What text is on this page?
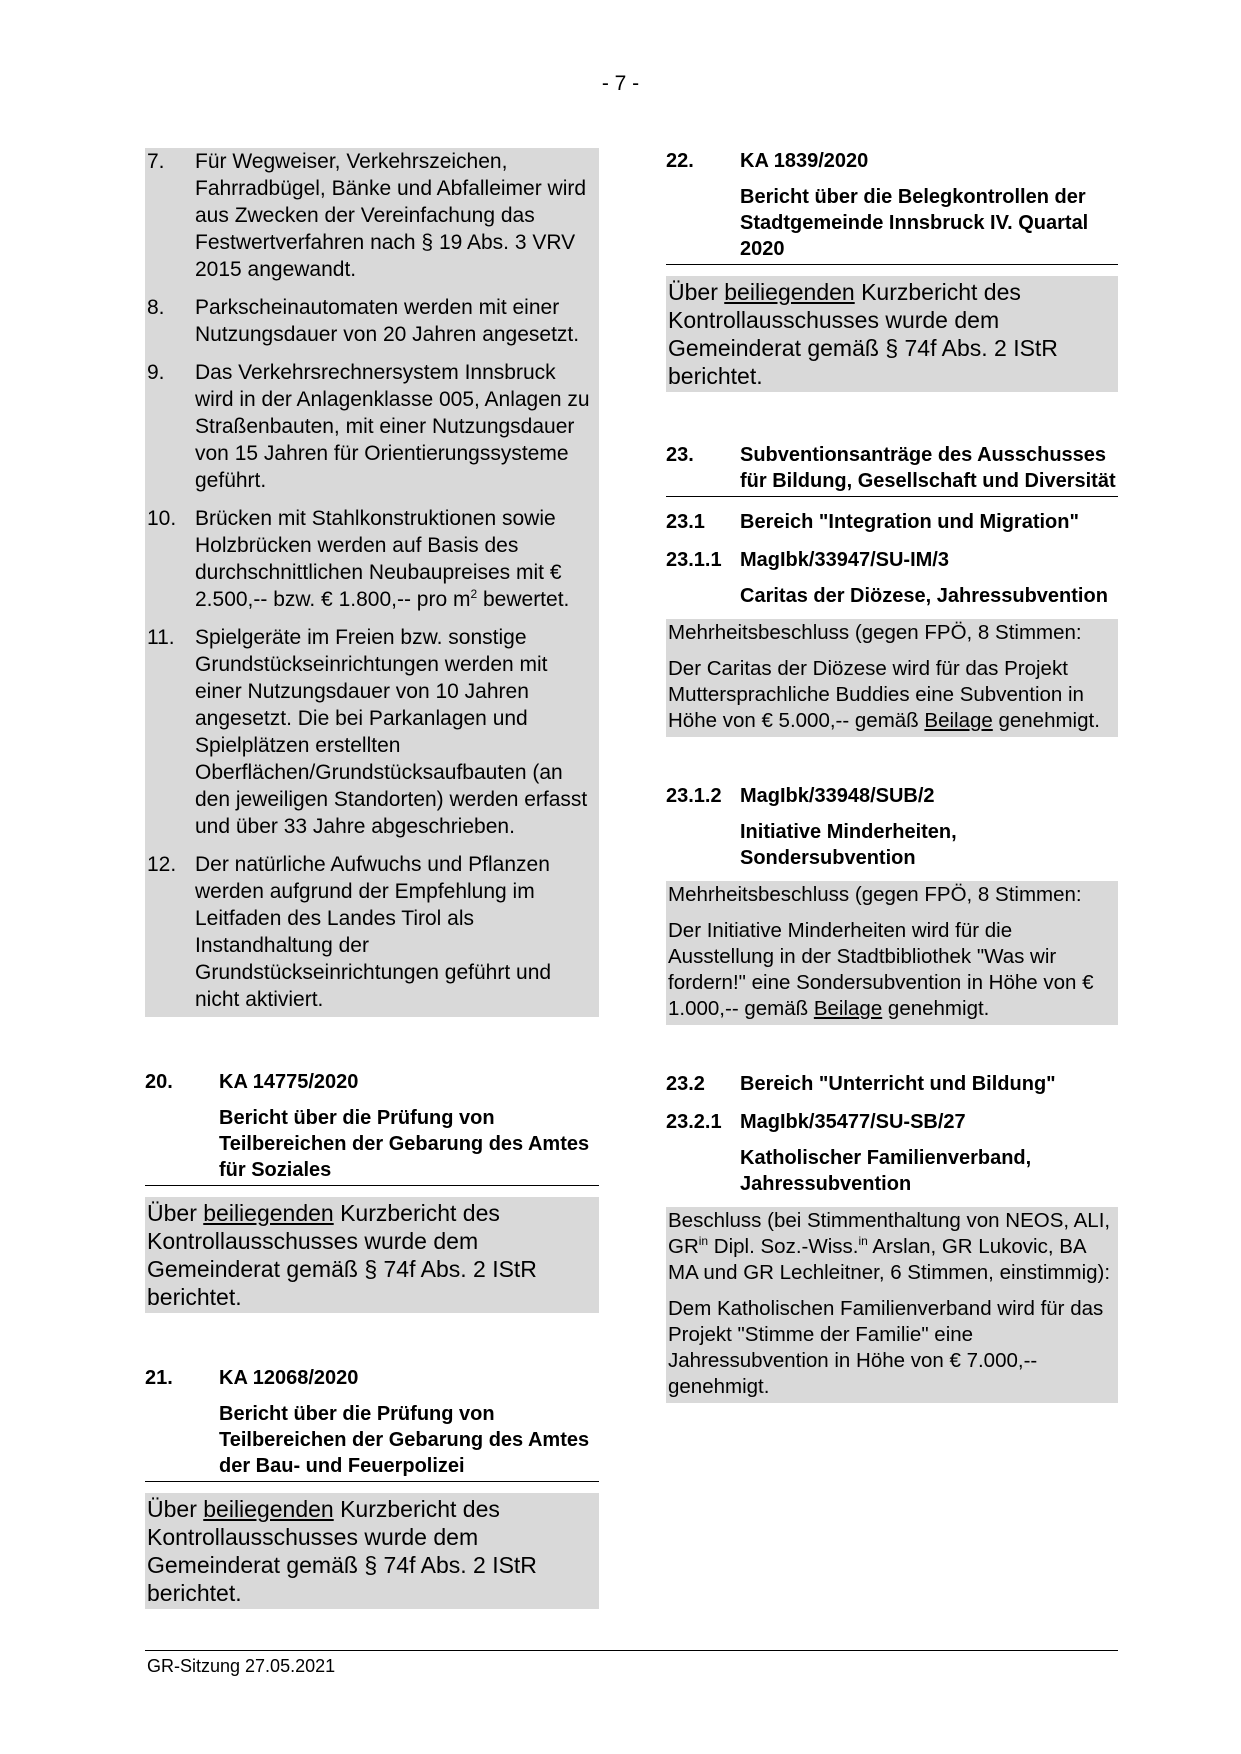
- 7 -
7.	Für Wegweiser, Verkehrszeichen, Fahrradbügel, Bänke und Abfalleimer wird aus Zwecken der Vereinfachung das Festwertverfahren nach § 19 Abs. 3 VRV 2015 angewandt.
8.	Parkscheinautomaten werden mit einer Nutzungsdauer von 20 Jahren angesetzt.
9.	Das Verkehrsrechnersystem Innsbruck wird in der Anlagenklasse 005, Anlagen zu Straßenbauten, mit einer Nutzungsdauer von 15 Jahren für Orientierungssysteme geführt.
10. Brücken mit Stahlkonstruktionen sowie Holzbrücken werden auf Basis des durchschnittlichen Neubaupreises mit € 2.500,-- bzw. € 1.800,-- pro $m^2$ bewertet.
11. Spielgeräte im Freien bzw. sonstige Grundstückseinrichtungen werden mit einer Nutzungsdauer von 10 Jahren angesetzt. Die bei Parkanlagen und Spielplätzen erstellten Oberflächen/Grundstücksaufbauten (an den jeweiligen Standorten) werden erfasst und über 33 Jahre abgeschrieben.
12. Der natürliche Aufwuchs und Pflanzen werden aufgrund der Empfehlung im Leitfaden des Landes Tirol als Instandhaltung der Grundstückseinrichtungen geführt und nicht aktiviert.
20.	KA 14775/2020
Bericht über die Prüfung von Teilbereichen der Gebarung des Amtes für Soziales
Über beiliegenden Kurzbericht des Kontrollausschusses wurde dem Gemeinderat gemäß § 74f Abs. 2 IStR berichtet.
21.	KA 12068/2020
Bericht über die Prüfung von Teilbereichen der Gebarung des Amtes der Bau- und Feuerpolizei
Über beiliegenden Kurzbericht des Kontrollausschusses wurde dem Gemeinderat gemäß § 74f Abs. 2 IStR berichtet.
22.	KA 1839/2020
Bericht über die Belegkontrollen der Stadtgemeinde Innsbruck IV. Quartal 2020
Über beiliegenden Kurzbericht des Kontrollausschusses wurde dem Gemeinderat gemäß § 74f Abs. 2 IStR berichtet.
23.	Subventionsanträge des Ausschusses für Bildung, Gesellschaft und Diversität
23.1	Bereich "Integration und Migration"
23.1.1 MagIbk/33947/SU-IM/3
Caritas der Diözese, Jahressubvention

Mehrheitsbeschluss (gegen FPÖ, 8 Stimmen:

Der Caritas der Diözese wird für das Projekt Muttersprachliche Buddies eine Subvention in Höhe von € 5.000,-- gemäß Beilage genehmigt.

23.1.2 MagIbk/33948/SUB/2
Initiative Minderheiten, Sondersubvention

Mehrheitsbeschluss (gegen FPÖ, 8 Stimmen:

Der Initiative Minderheiten wird für die Ausstellung in der Stadtbibliothek "Was wir fordern!" eine Sondersubvention in Höhe von € 1.000,-- gemäß Beilage genehmigt.

23.2	Bereich "Unterricht und Bildung"
23.2.1 MagIbk/35477/SU-SB/27
Katholischer Familienverband, Jahressubvention

Beschluss (bei Stimmenthaltung von NEOS, ALI, $GR^{in}$ Dipl. Soz.-Wiss.$^{in}$ Arslan, GR Lukovic, BA MA und GR Lechleitner, 6 Stimmen, einstimmig):

Dem Katholischen Familienverband wird für das Projekt "Stimme der Familie" eine Jahressubvention in Höhe von € 7.000,-- genehmigt.

GR-Sitzung 27.05.2021
